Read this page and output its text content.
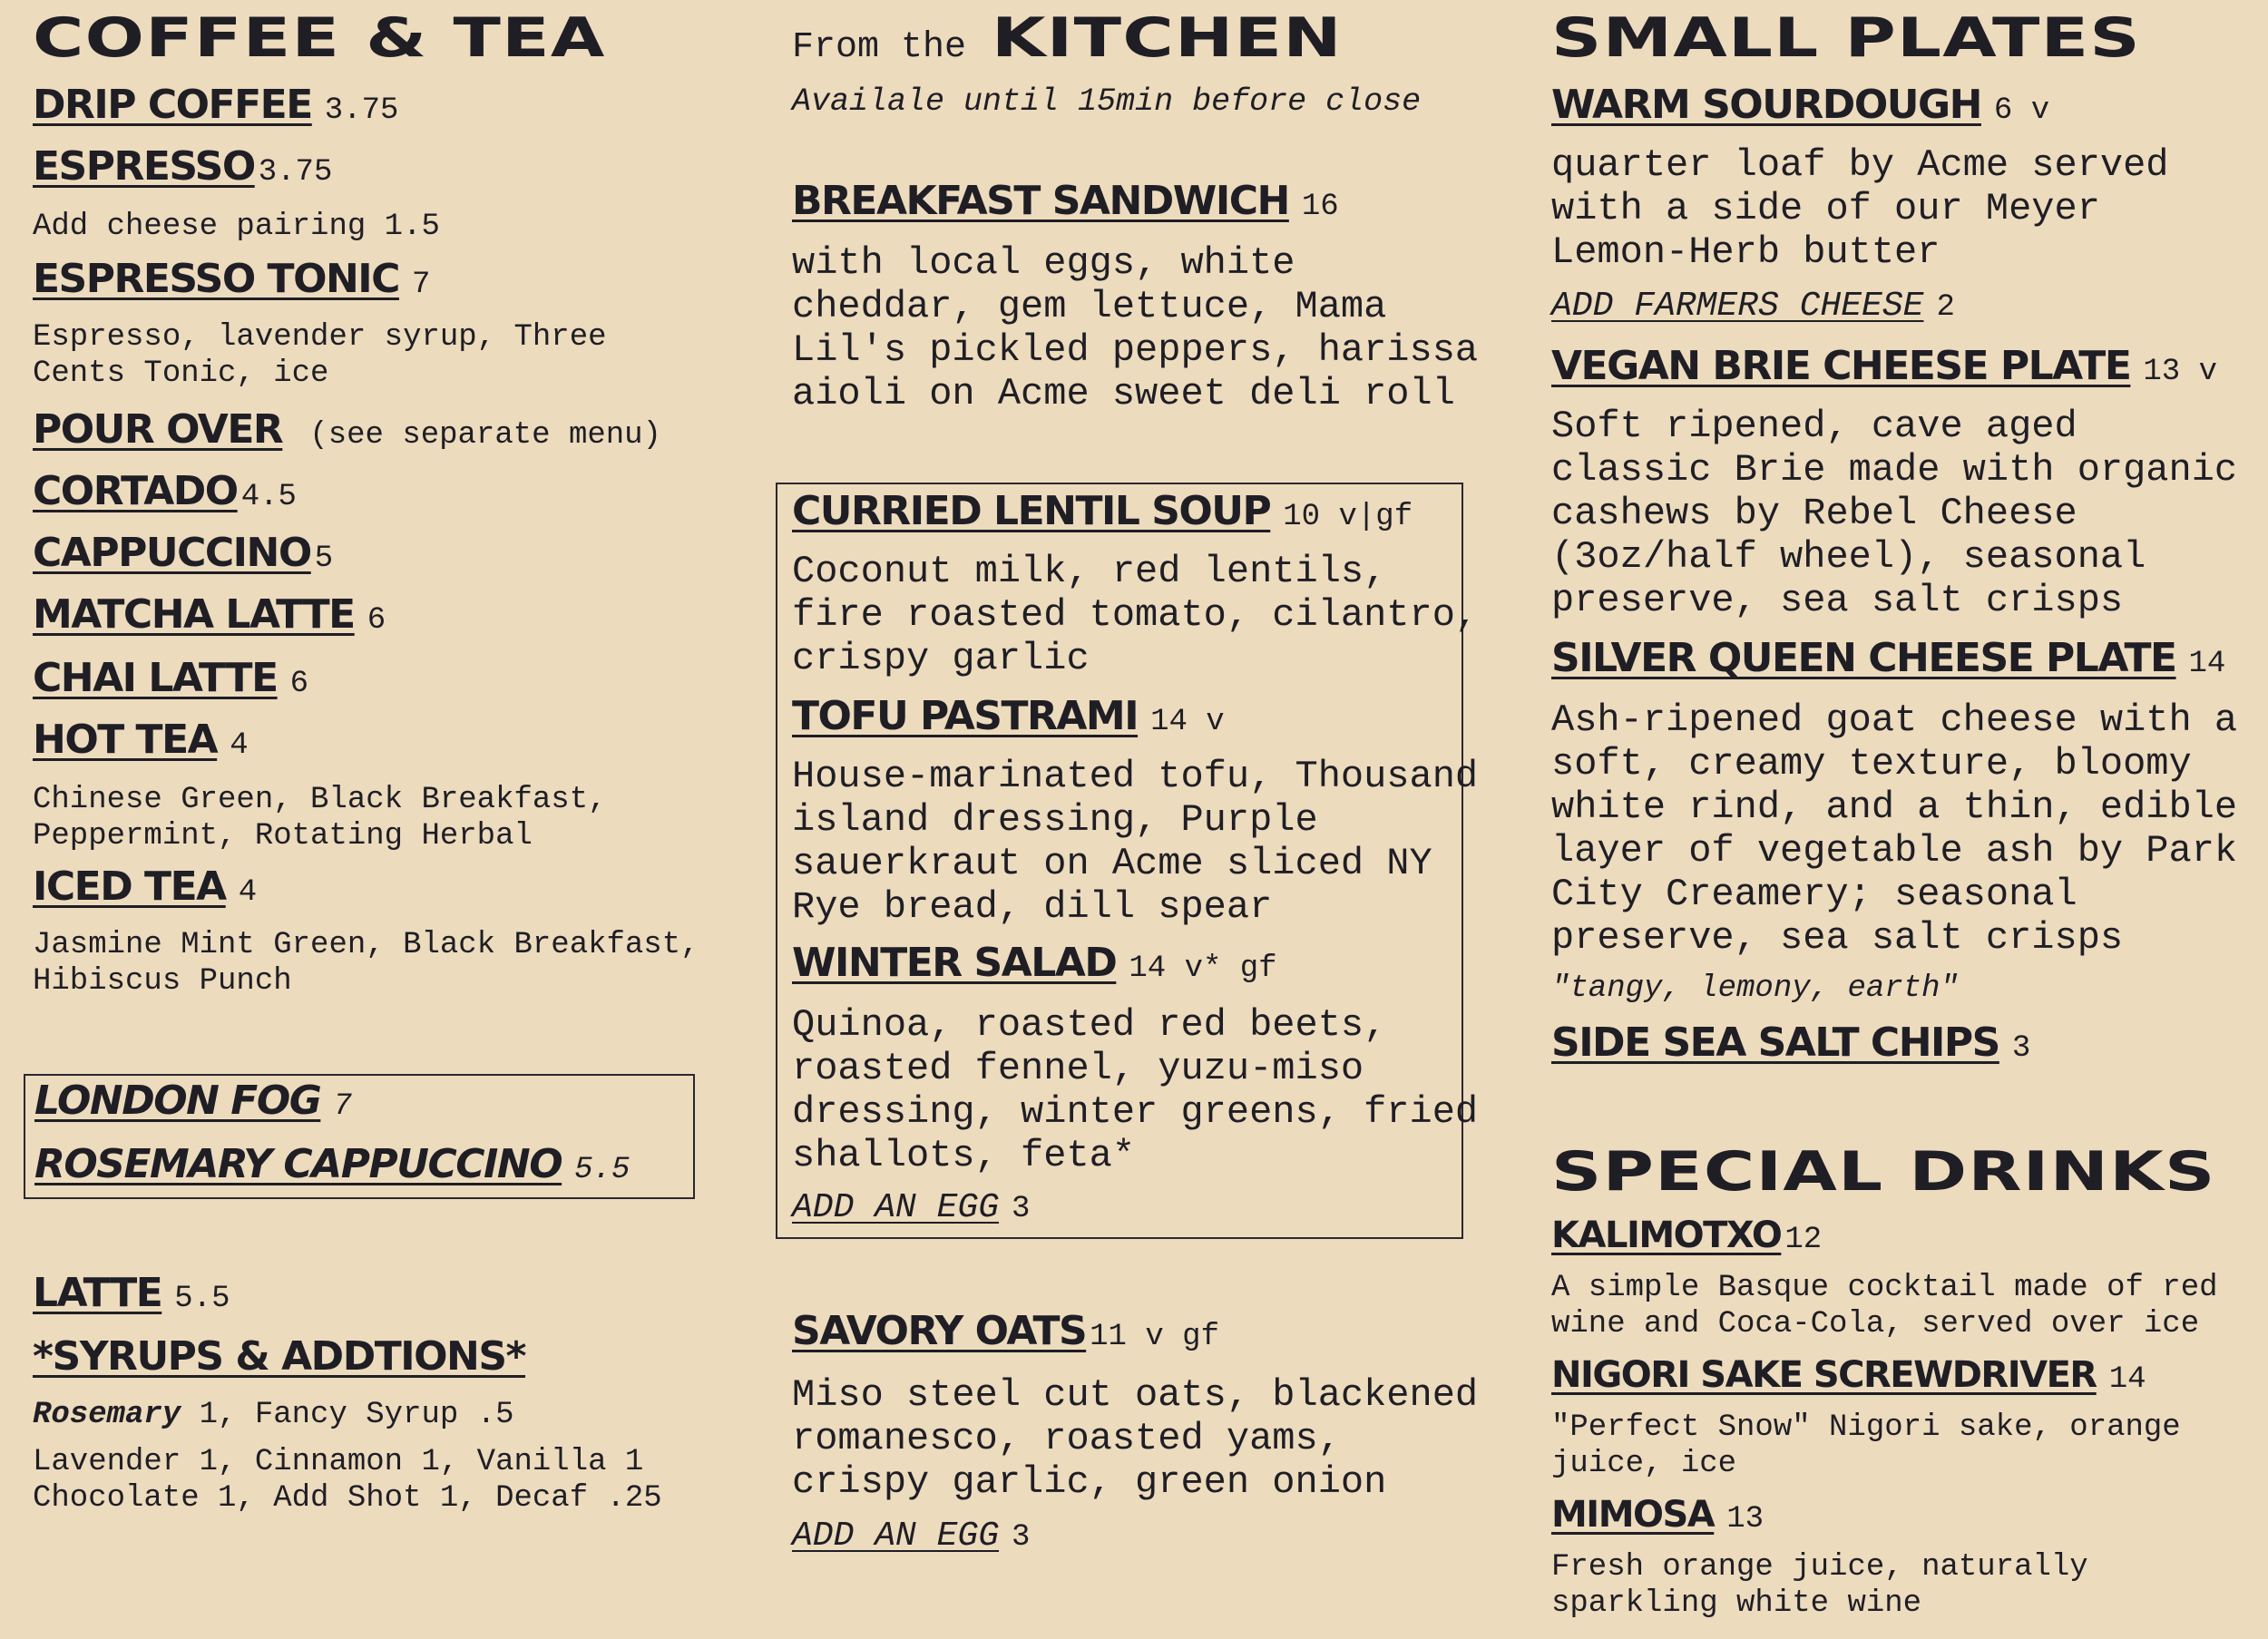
COFFEE & TEA
DRIP COFFEE 3.75
ESPRESSO 3.75
Add cheese pairing 1.5
ESPRESSO TONIC 7
Espresso, lavender syrup, Three
Cents Tonic, ice
POUR OVER (see separate menu)
CORTADO 4.5
CAPPUCCINO 5
MATCHA LATTE 6
CHAI LATTE 6
HOT TEA 4
Chinese Green, Black Breakfast,
Peppermint, Rotating Herbal
ICED TEA 4
Jasmine Mint Green, Black Breakfast,
Hibiscus Punch
LONDON FOG 7
ROSEMARY CAPPUCCINO 5.5
LATTE 5.5
*SYRUPS & ADDTIONS*
Rosemary 1, Fancy Syrup .5
Lavender 1, Cinnamon 1, Vanilla 1
Chocolate 1, Add Shot 1, Decaf .25
From the KITCHEN
Availale until 15min before close
BREAKFAST SANDWICH 16
with local eggs, white
cheddar, gem lettuce, Mama
Lil's pickled peppers, harissa
aioli on Acme sweet deli roll
CURRIED LENTIL SOUP 10 v|gf
Coconut milk, red lentils,
fire roasted tomato, cilantro,
crispy garlic
TOFU PASTRAMI 14 v
House-marinated tofu, Thousand
island dressing, Purple
sauerkraut on Acme sliced NY
Rye bread, dill spear
WINTER SALAD 14 v* gf
Quinoa, roasted red beets,
roasted fennel, yuzu-miso
dressing, winter greens, fried
shallots, feta*
ADD AN EGG 3
SAVORY OATS 11 v gf
Miso steel cut oats, blackened
romanesco, roasted yams,
crispy garlic, green onion
ADD AN EGG 3
SMALL PLATES
WARM SOURDOUGH 6 v
quarter loaf by Acme served
with a side of our Meyer
Lemon-Herb butter
ADD FARMERS CHEESE 2
VEGAN BRIE CHEESE PLATE 13 v
Soft ripened, cave aged
classic Brie made with organic
cashews by Rebel Cheese
(3oz/half wheel), seasonal
preserve, sea salt crisps
SILVER QUEEN CHEESE PLATE 14
Ash-ripened goat cheese with a
soft, creamy texture, bloomy
white rind, and a thin, edible
layer of vegetable ash by Park
City Creamery; seasonal
preserve, sea salt crisps
"tangy, lemony, earth"
SIDE SEA SALT CHIPS 3
SPECIAL DRINKS
KALIMOTXO 12
A simple Basque cocktail made of red
wine and Coca-Cola, served over ice
NIGORI SAKE SCREWDRIVER 14
"Perfect Snow" Nigori sake, orange
juice, ice
MIMOSA 13
Fresh orange juice, naturally
sparkling white wine
